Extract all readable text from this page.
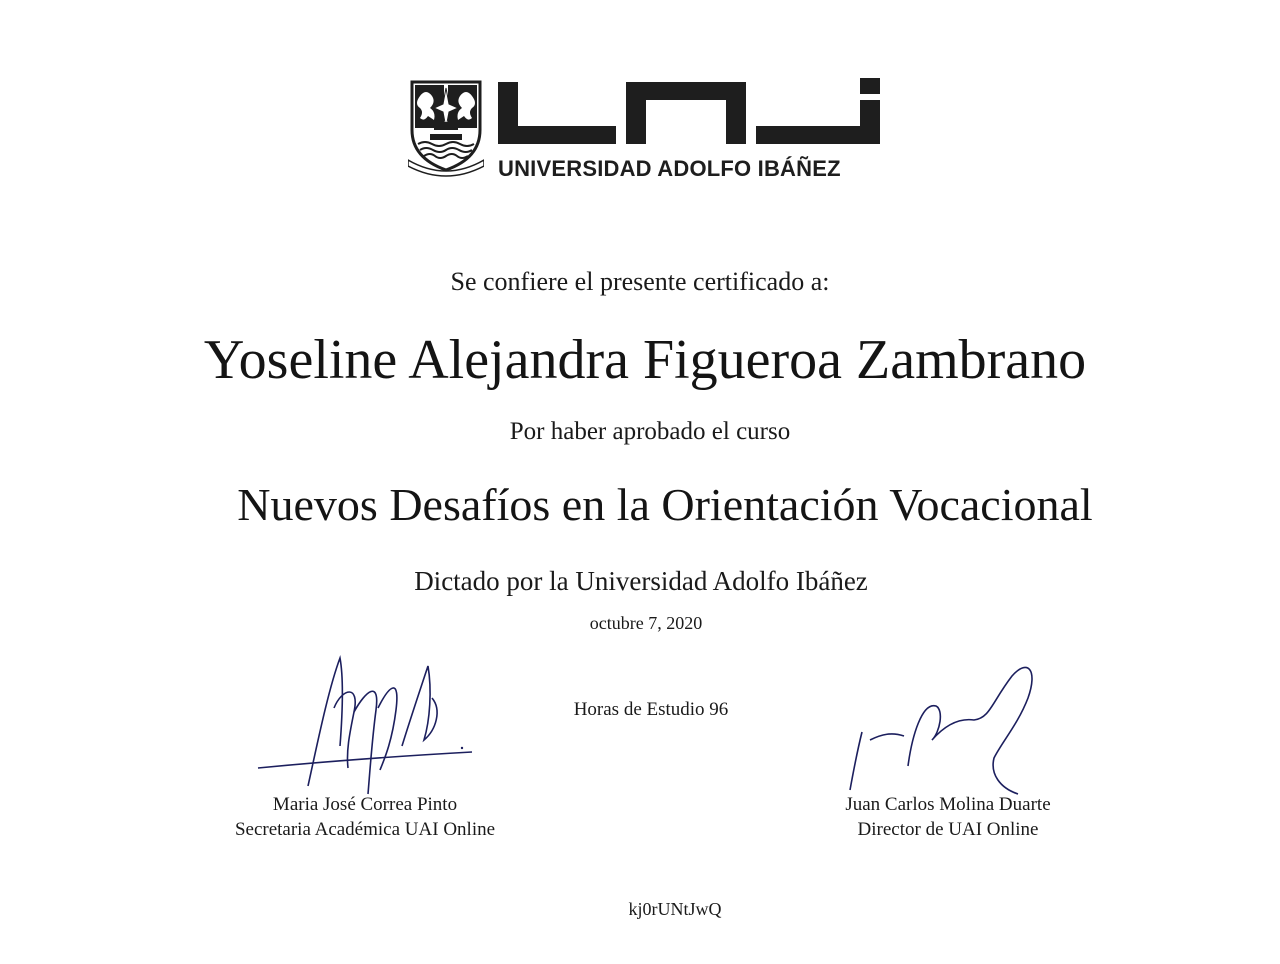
UNIVERSIDAD ADOLFO IBÁÑEZ
Se confiere el presente certificado a:
Yoseline Alejandra Figueroa Zambrano
Por haber aprobado el curso
Nuevos Desafíos en la Orientación Vocacional
Dictado por la Universidad Adolfo Ibáñez
octubre 7, 2020
Horas de Estudio 96
Maria José Correa Pinto
Secretaria Académica UAI Online
Juan Carlos Molina Duarte
Director de UAI Online
kj0rUNtJwQ
